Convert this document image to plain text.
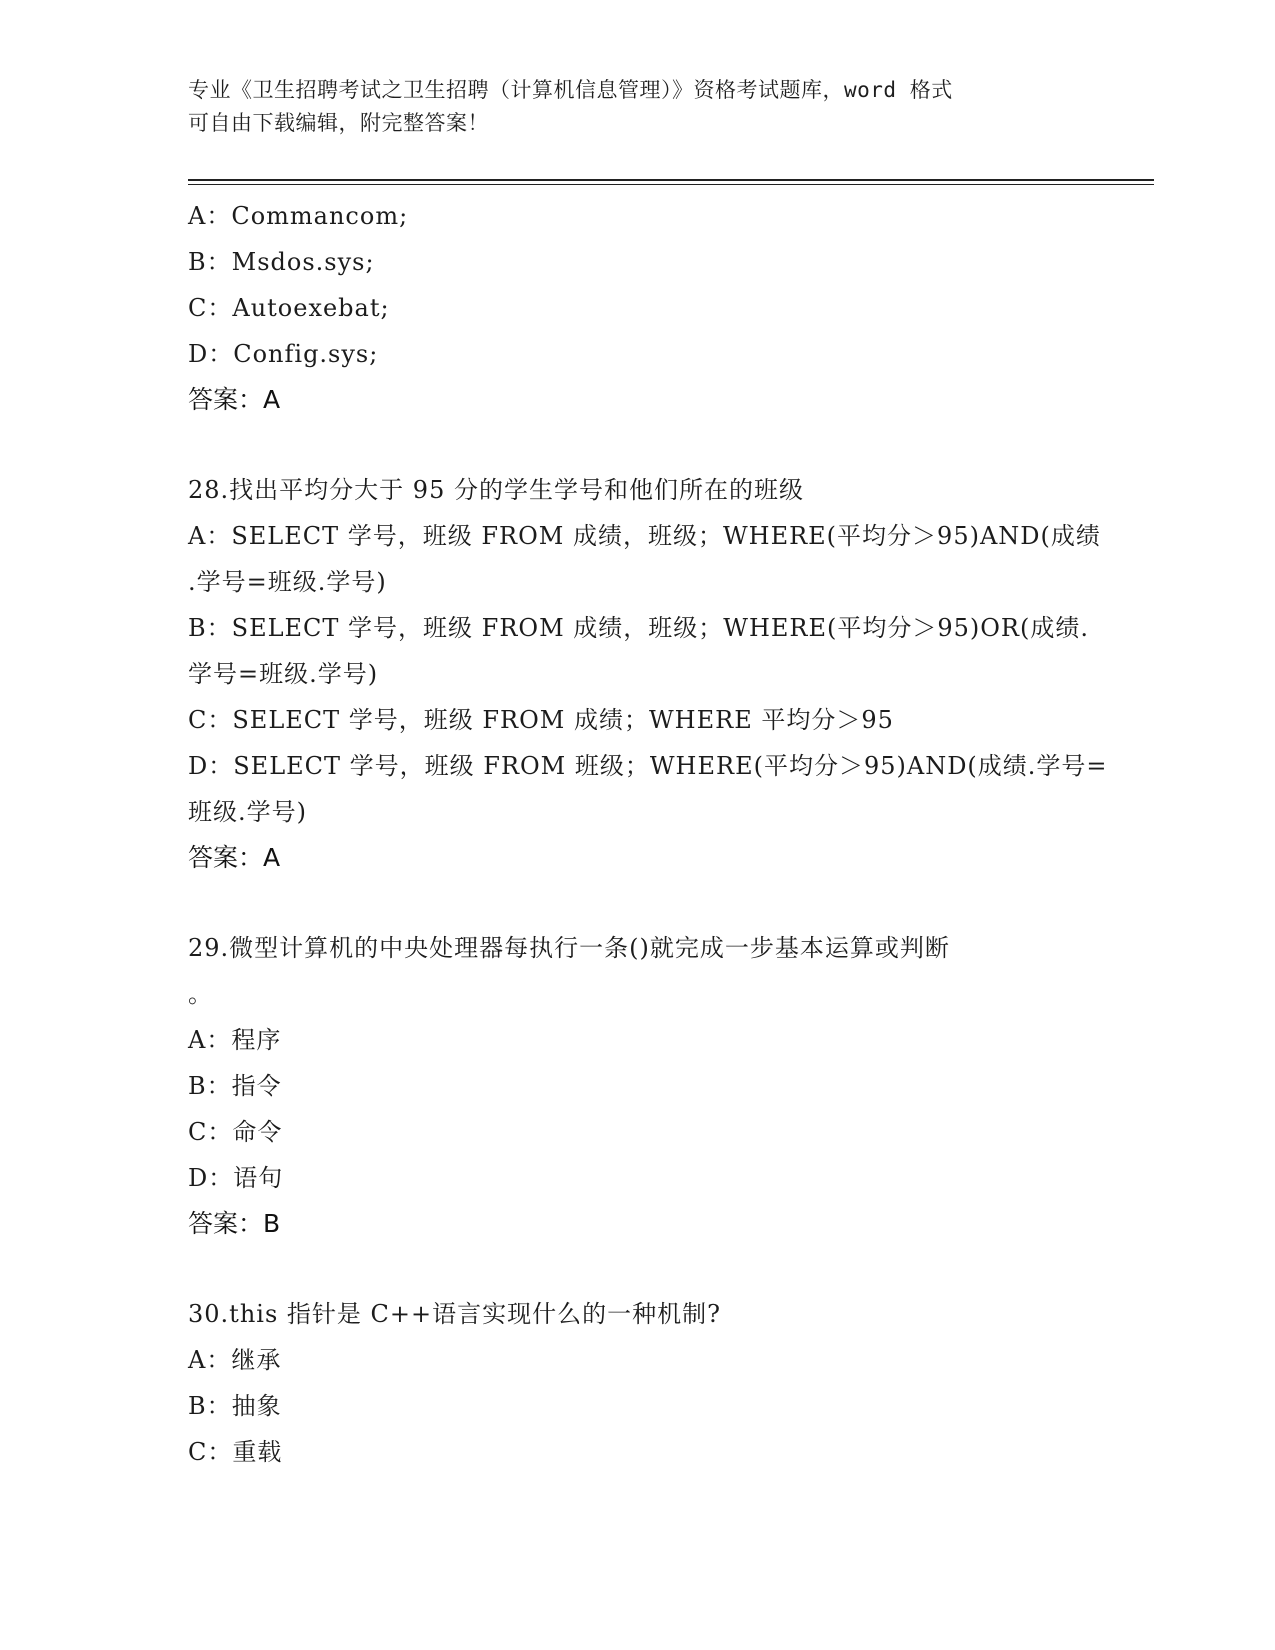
专业《卫生招聘考试之卫生招聘（计算机信息管理）》资格考试题库，word 格式
可自由下载编辑，附完整答案！
A：Commancom;
B：Msdos.sys;
C：Autoexebat;
D：Config.sys;
答案：A
28.找出平均分大于 95 分的学生学号和他们所在的班级
A：SELECT 学号，班级 FROM 成绩，班级；WHERE(平均分＞95)AND(成绩
.学号=班级.学号)
B：SELECT 学号，班级 FROM 成绩，班级；WHERE(平均分＞95)OR(成绩.
学号=班级.学号)
C：SELECT 学号，班级 FROM 成绩；WHERE 平均分＞95
D：SELECT 学号，班级 FROM 班级；WHERE(平均分＞95)AND(成绩.学号=
班级.学号)
答案：A
29.微型计算机的中央处理器每执行一条()就完成一步基本运算或判断
。
A：程序
B：指令
C：命令
D：语句
答案：B
30.this 指针是 C++语言实现什么的一种机制?
A：继承
B：抽象
C：重载
